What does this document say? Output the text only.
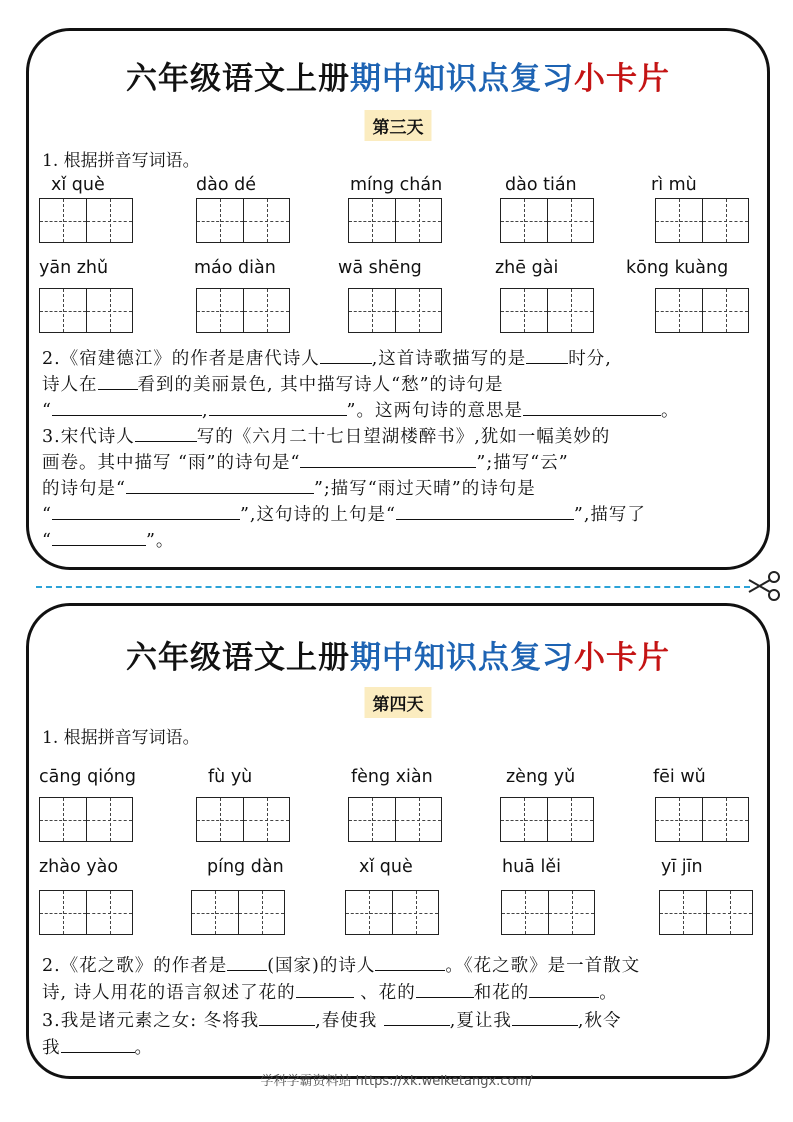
六年级语文上册期中知识点复习小卡片
第三天
1. 根据拼音写词语。
xǐ què	dào dé	míng chán	dào tián	rì mù
yān zhǔ	máo diàn	wā shēng	zhē gài	kōng kuàng
2.《宿建德江》的作者是唐代诗人	,这首诗歌描写的是 时分,
诗人在 看到的美丽景色, 其中描写诗人“愁”的诗句是
“	,	”。这两句诗的意思是	。
3.宋代诗人	写的《六月二十七日望湖楼醉书》,犹如一幅美妙的
画卷。其中描写 “雨”的诗句是“	”;描写“云”
的诗句是“	”;描写“雨过天晴”的诗句是
“	”,这句诗的上句是“	”,描写了
“	”。
六年级语文上册期中知识点复习小卡片
第四天
1. 根据拼音写词语。
cāng qióng	fù yù	fèng xiàn	zèng yǔ	fēi wǔ
zhào yào	píng dàn	xǐ què	huā lěi	yī jīn
2.《花之歌》的作者是 (国家)的诗人	。《花之歌》是一首散文
诗, 诗人用花的语言叙述了花的	、花的	和花的	。
3.我是诸元素之女: 冬将我	,春使我	,夏让我	,秋令
我	。
学科学霸资料站 https://xk.weiketangx.com/
